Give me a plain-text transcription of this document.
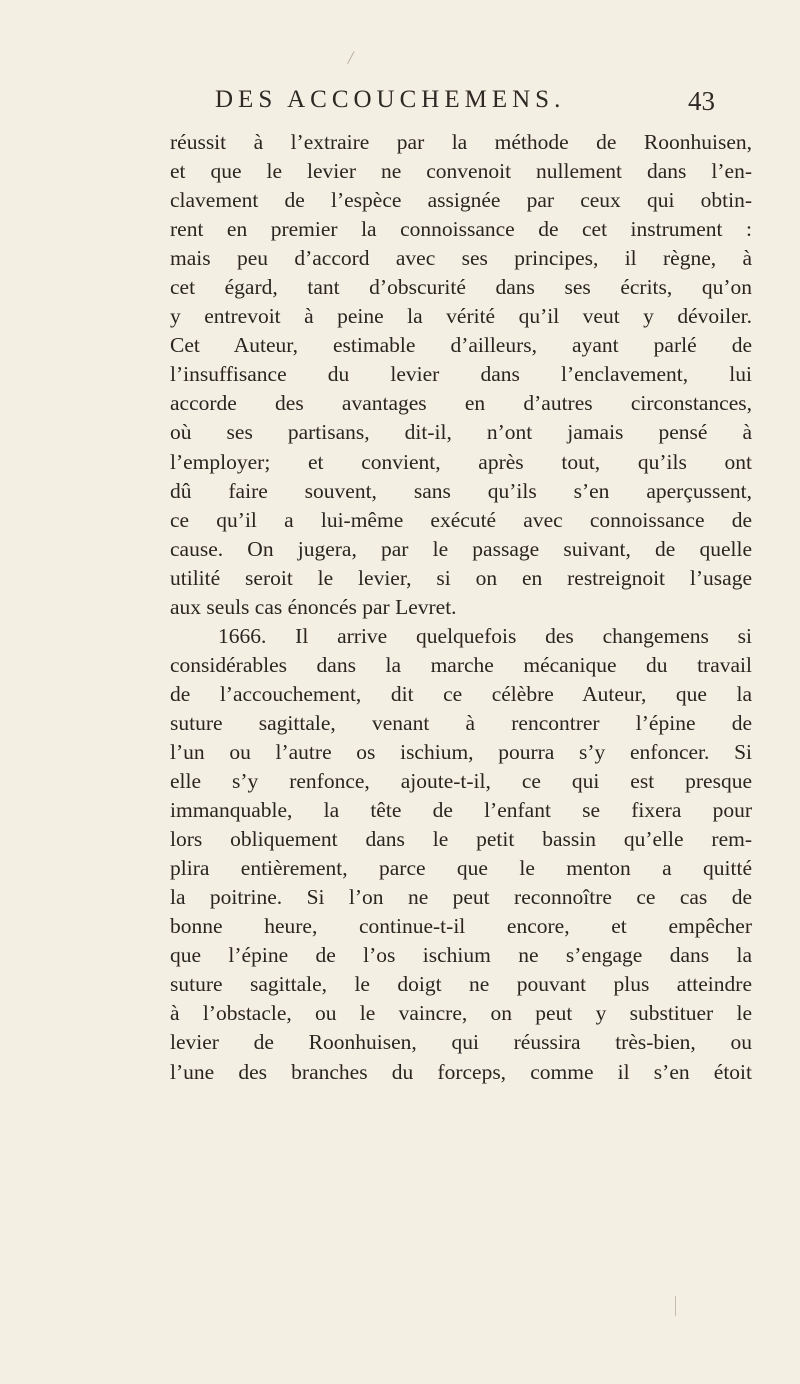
DES ACCOUCHEMENS.	43
réussit à l’extraire par la méthode de Roonhuisen,
et que le levier ne convenoit nullement dans l’en-
clavement de l’espèce assignée par ceux qui obtin-
rent en premier la connoissance de cet instrument :
mais peu d’accord avec ses principes, il règne, à
cet égard, tant d’obscurité dans ses écrits, qu’on
y entrevoit à peine la vérité qu’il veut y dévoiler.
Cet Auteur, estimable d’ailleurs, ayant parlé de
l’insuffisance du levier dans l’enclavement, lui
accorde des avantages en d’autres circonstances,
où ses partisans, dit-il, n’ont jamais pensé à
l’employer; et convient, après tout, qu’ils ont
dû faire souvent, sans qu’ils s’en aperçussent,
ce qu’il a lui-même exécuté avec connoissance de
cause. On jugera, par le passage suivant, de quelle
utilité seroit le levier, si on en restreignoit l’usage
aux seuls cas énoncés par Levret.
1666. Il arrive quelquefois des changemens si
considérables dans la marche mécanique du travail
de l’accouchement, dit ce célèbre Auteur, que la
suture sagittale, venant à rencontrer l’épine de
l’un ou l’autre os ischium, pourra s’y enfoncer. Si
elle s’y renfonce, ajoute-t-il, ce qui est presque
immanquable, la tête de l’enfant se fixera pour
lors obliquement dans le petit bassin qu’elle rem-
plira entièrement, parce que le menton a quitté
la poitrine. Si l’on ne peut reconnoître ce cas de
bonne heure, continue-t-il encore, et empêcher
que l’épine de l’os ischium ne s’engage dans la
suture sagittale, le doigt ne pouvant plus atteindre
à l’obstacle, ou le vaincre, on peut y substituer le
levier de Roonhuisen, qui réussira très-bien, ou
l’une des branches du forceps, comme il s’en étoit
